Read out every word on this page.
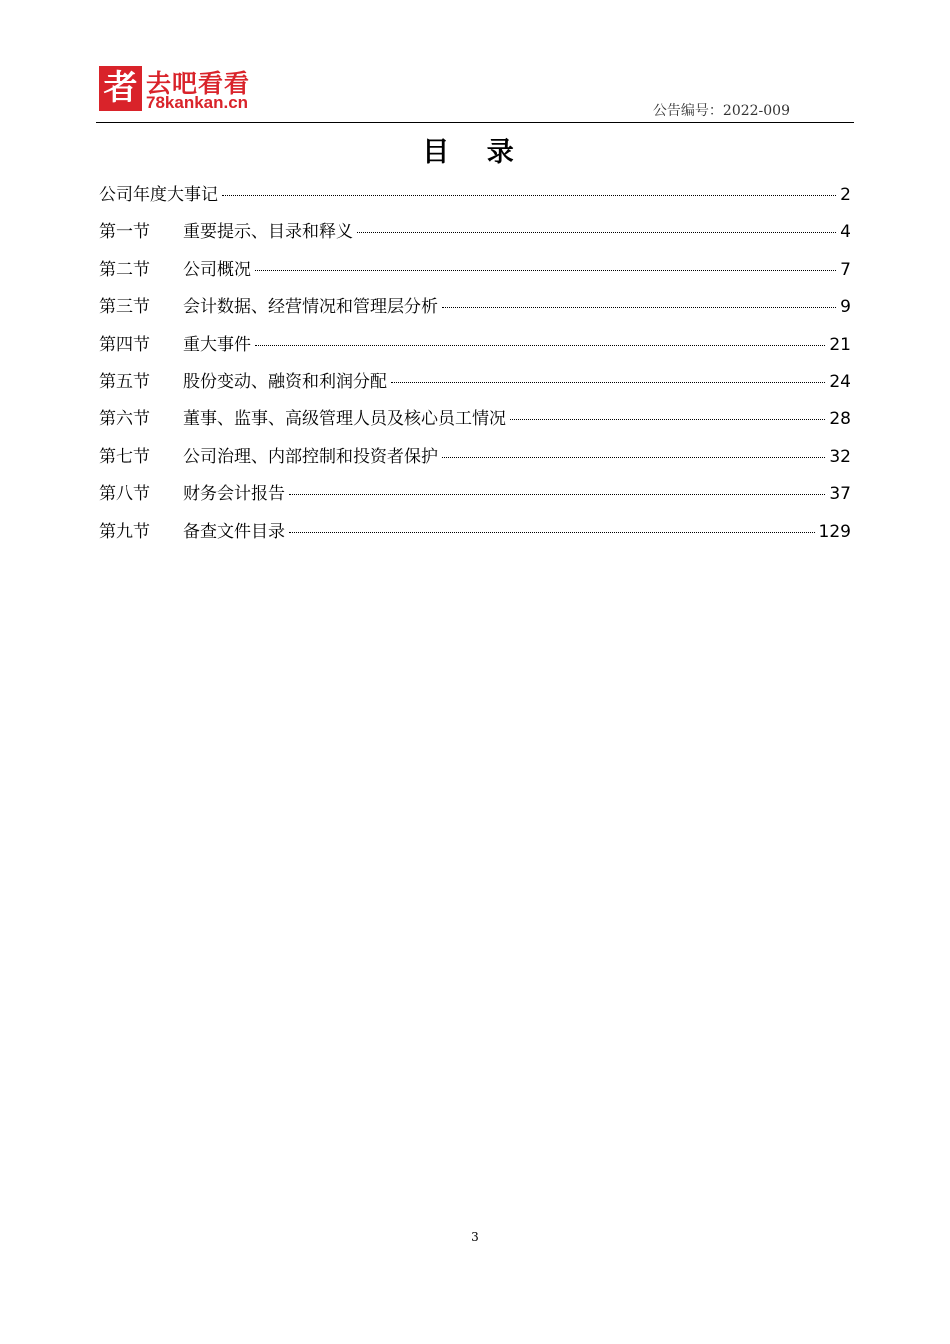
者 去吧看看
78kankan.cn	公告编号：2022-009
目 录
公司年度大事记	2
第一节	重要提示、目录和释义	4
第二节	公司概况	7
第三节	会计数据、经营情况和管理层分析	9
第四节	重大事件	21
第五节	股份变动、融资和利润分配	24
第六节	董事、监事、高级管理人员及核心员工情况	28
第七节	公司治理、内部控制和投资者保护	32
第八节	财务会计报告	37
第九节	备查文件目录	129
3
